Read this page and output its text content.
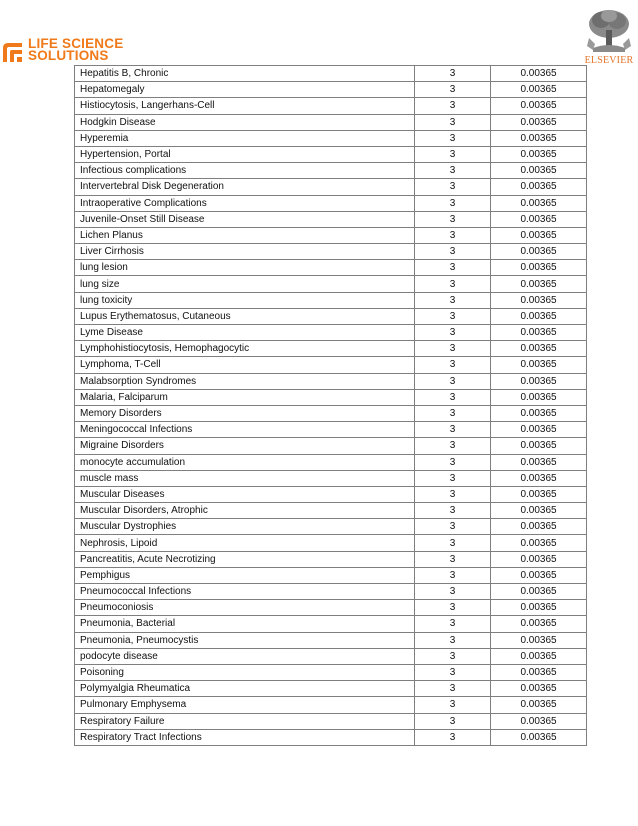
LIFE SCIENCE
SOLUTIONS	ELSEVIER
Hepatitis B, Chronic	3	0.00365
Hepatomegaly	3	0.00365
Histiocytosis, Langerhans-Cell	3	0.00365
Hodgkin Disease	3	0.00365
Hyperemia	3	0.00365
Hypertension, Portal	3	0.00365
Infectious complications	3	0.00365
Intervertebral Disk Degeneration	3	0.00365
Intraoperative Complications	3	0.00365
Juvenile-Onset Still Disease	3	0.00365
Lichen Planus	3	0.00365
Liver Cirrhosis	3	0.00365
lung lesion	3	0.00365
lung size	3	0.00365
lung toxicity	3	0.00365
Lupus Erythematosus, Cutaneous	3	0.00365
Lyme Disease	3	0.00365
Lymphohistiocytosis, Hemophagocytic	3	0.00365
Lymphoma, T-Cell	3	0.00365
Malabsorption Syndromes	3	0.00365
Malaria, Falciparum	3	0.00365
Memory Disorders	3	0.00365
Meningococcal Infections	3	0.00365
Migraine Disorders	3	0.00365
monocyte accumulation	3	0.00365
muscle mass	3	0.00365
Muscular Diseases	3	0.00365
Muscular Disorders, Atrophic	3	0.00365
Muscular Dystrophies	3	0.00365
Nephrosis, Lipoid	3	0.00365
Pancreatitis, Acute Necrotizing	3	0.00365
Pemphigus	3	0.00365
Pneumococcal Infections	3	0.00365
Pneumoconiosis	3	0.00365
Pneumonia, Bacterial	3	0.00365
Pneumonia, Pneumocystis	3	0.00365
podocyte disease	3	0.00365
Poisoning	3	0.00365
Polymyalgia Rheumatica	3	0.00365
Pulmonary Emphysema	3	0.00365
Respiratory Failure	3	0.00365
Respiratory Tract Infections	3	0.00365
